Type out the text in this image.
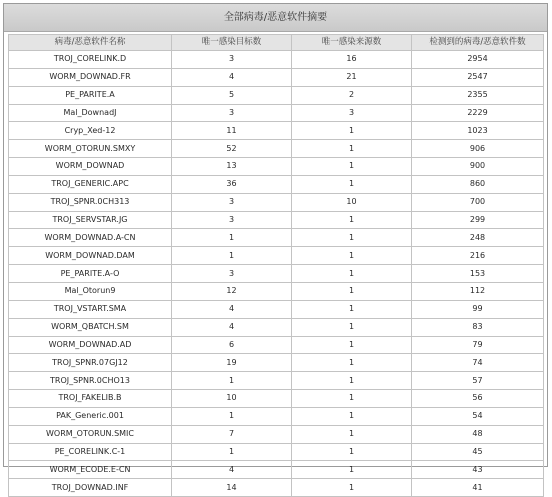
全部病毒/恶意软件摘要
病毒/恶意软件名称	唯一感染目标数	唯一感染来源数	检测到的病毒/恶意软件数
TROJ_CORELINK.D	3	16	2954
WORM_DOWNAD.FR	4	21	2547
PE_PARITE.A	5	2	2355
Mal_DownadJ	3	3	2229
Cryp_Xed-12	11	1	1023
WORM_OTORUN.SMXY	52	1	906
WORM_DOWNAD	13	1	900
TROJ_GENERIC.APC	36	1	860
TROJ_SPNR.0CH313	3	10	700
TROJ_SERVSTAR.JG	3	1	299
WORM_DOWNAD.A-CN	1	1	248
WORM_DOWNAD.DAM	1	1	216
PE_PARITE.A-O	3	1	153
Mal_Otorun9	12	1	112
TROJ_VSTART.SMA	4	1	99
WORM_QBATCH.SM	4	1	83
WORM_DOWNAD.AD	6	1	79
TROJ_SPNR.07GJ12	19	1	74
TROJ_SPNR.0CHO13	1	1	57
TROJ_FAKELIB.B	10	1	56
PAK_Generic.001	1	1	54
WORM_OTORUN.SMIC	7	1	48
PE_CORELINK.C-1	1	1	45
WORM_ECODE.E-CN	4	1	43
TROJ_DOWNAD.INF	14	1	41
